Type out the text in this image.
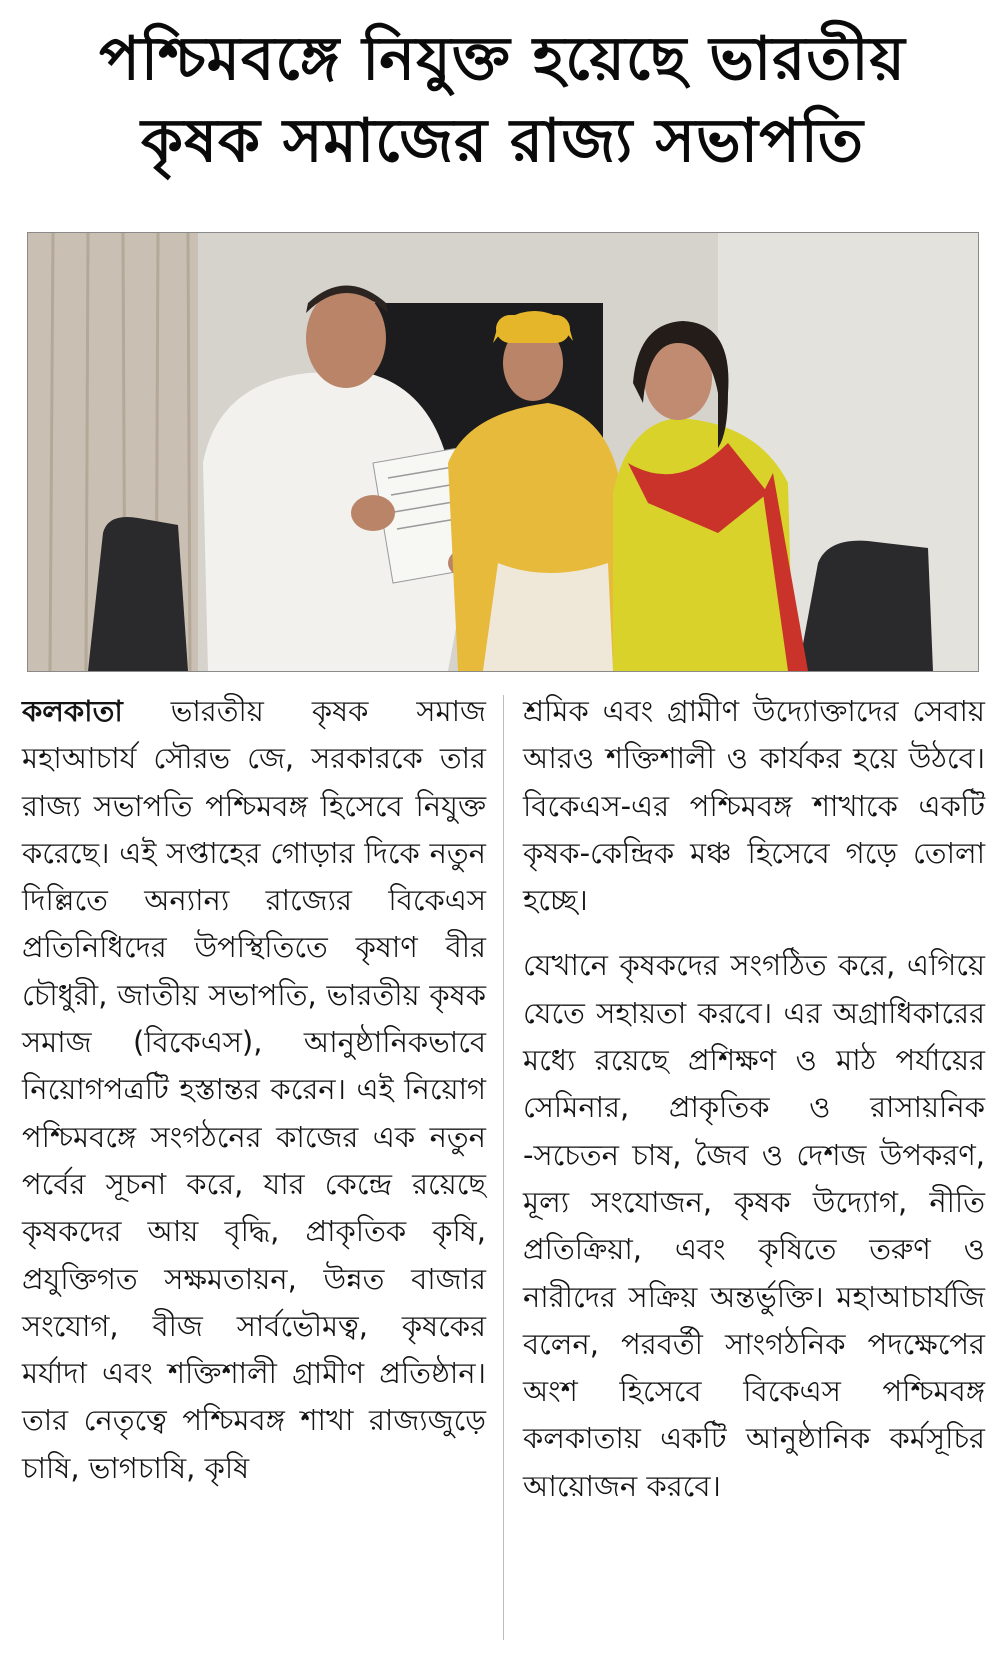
পশ্চিমবঙ্গে নিযুক্ত হয়েছে ভারতীয়
কৃষক সমাজের রাজ্য সভাপতি

কলকাতা ভারতীয় কৃষক সমাজ মহাআচার্য সৌরভ জে, সরকারকে তার রাজ্য সভাপতি পশ্চিমবঙ্গ হিসেবে নিযুক্ত করেছে। এই সপ্তাহের গোড়ার দিকে নতুন দিল্লিতে অন্যান্য রাজ্যের বিকেএস প্রতিনিধিদের উপস্থিতিতে কৃষাণ বীর চৌধুরী, জাতীয় সভাপতি, ভারতীয় কৃষক সমাজ (বিকেএস), আনুষ্ঠানিকভাবে নিয়োগপত্রটি হস্তান্তর করেন। এই নিয়োগ পশ্চিমবঙ্গে সংগঠনের কাজের এক নতুন পর্বের সূচনা করে, যার কেন্দ্রে রয়েছে কৃষকদের আয় বৃদ্ধি, প্রাকৃতিক কৃষি, প্রযুক্তিগত সক্ষমতায়ন, উন্নত বাজার সংযোগ, বীজ সার্বভৌমত্ব, কৃষকের মর্যাদা এবং শক্তিশালী গ্রামীণ প্রতিষ্ঠান। তার নেতৃত্বে পশ্চিমবঙ্গ শাখা রাজ্যজুড়ে চাষি, ভাগচাষি, কৃষি

শ্রমিক এবং গ্রামীণ উদ্যোক্তাদের সেবায় আরও শক্তিশালী ও কার্যকর হয়ে উঠবে। বিকেএস-এর পশ্চিমবঙ্গ শাখাকে একটি কৃষক-কেন্দ্রিক মঞ্চ হিসেবে গড়ে তোলা হচ্ছে।

যেখানে কৃষকদের সংগঠিত করে, এগিয়ে যেতে সহায়তা করবে। এর অগ্রাধিকারের মধ্যে রয়েছে প্রশিক্ষণ ও মাঠ পর্যায়ের সেমিনার, প্রাকৃতিক ও রাসায়নিক -সচেতন চাষ, জৈব ও দেশজ উপকরণ, মূল্য সংযোজন, কৃষক উদ্যোগ, নীতি প্রতিক্রিয়া, এবং কৃষিতে তরুণ ও নারীদের সক্রিয় অন্তর্ভুক্তি। মহাআচার্যজি বলেন, পরবর্তী সাংগঠনিক পদক্ষেপের অংশ হিসেবে বিকেএস পশ্চিমবঙ্গ কলকাতায় একটি আনুষ্ঠানিক কর্মসূচির আয়োজন করবে।
